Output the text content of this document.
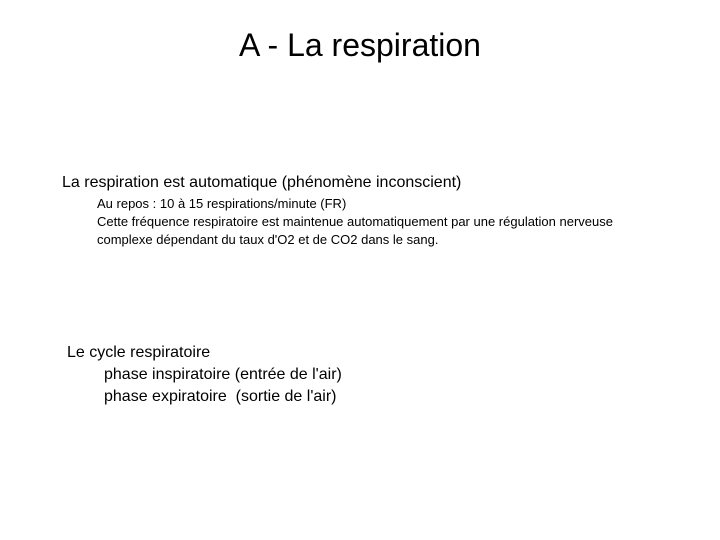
A - La respiration
La respiration est automatique (phénomène inconscient)
Au repos : 10 à 15 respirations/minute (FR)
Cette fréquence respiratoire est maintenue automatiquement par une régulation nerveuse complexe dépendant du taux d'O2 et de CO2 dans le sang.
Le cycle respiratoire
phase inspiratoire (entrée de l'air)
phase expiratoire  (sortie de l'air)
